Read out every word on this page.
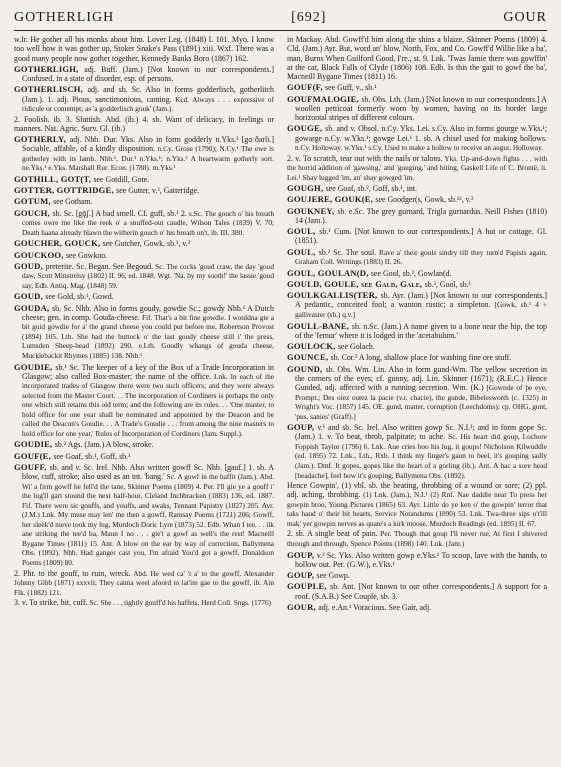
GOTHERLIGH	[692]	GOUR

w.Ir. He gother all his monks about him. Lover Leg. (1848) I. 101. Myo. I know too well how it was gother up, Stoker Snake's Pass (1891) xiii. Wxf. There was a good many people now gother together, Kennedy Banks Boro (1867) 162.

GOTHERLIGH, adj. Buff. (Jam.) [Not known to our correspondents.] Confused, in a state of disorder, esp. of persons.

GOTHERLISCH, adj. and sb. Sc. Also in forms godderlisch, gotherlitch (Jam.). 1. adj. Pious, sanctimonious, canting. Kcd. Always . . . expressive of ridicule or contempt; as 'a godderlisch gouk' (Jam.).

2. Foolish. ib. 3. Sluttish. Abd. (ib.) 4. sb. Want of delicacy, in feelings or manners. Nai. Agric. Surv. Gl. (ib.)

GOTHERLY, adj. Nhb. Dur. Yks. Also in form godderly n.Yks.² [go·ðarli.] Sociable, affable, of a kindly disposition. n.Cy. Grose (1790); N.Cy.¹ The ewe is gotherley with its lamb. Nhb.¹, Dur.¹ n.Yks.¹; n.Yks.² A heartwarm gotherly sort. ne.Yks.¹ e.Yks. Marshall Rur. Econ. (1788). m.Yks.¹

GOTHILL, GOT(T, see Gotdill, Gote.

GOTTER, GOTTRIDGE, see Gutter, v.², Gatteridge.

GOTUM, see Gotham.

GOUCH, sb. Sc. [gǭʃ.] A bad smell. Cf. guff, sb.¹ 2. s.Sc. The gouch o' his breath comes owre me like the reek o' a snuffed-out caudle, Wilson Tales (1839) V. 70; Death haana already blawn the witherin gouch o' his breath on't, ib. III. 380.

GOUCHER, GOUCK, see Gutcher, Gowk, sb.¹, v.²

GOUCKOO, see Gowkoo.

GOUD, preterite. Sc. Began. See Begoud. Sc. The cocks 'goud craw, the day 'goud daw, Scott Minstrelsy (1802) II. 96, ed. 1848. Wgt. 'Na, by my sooth!' the lassie 'goud say, Edb. Antiq. Mag. (1848) 59.

GOUD, see Gold, sb.¹, Gowd.

GOUDA, sb. Sc. Nhb. Also in forms goudy, gowdie Sc.; gowdy Nhb.¹ A Dutch cheese; gen. in comp. Gouda-cheese. Fif. That's a bit fine gowdie. I wouldna gie a bit guid gowdie for a' the grand cheese you could put before me, Robertson Provost (1894) 105. Lth. She had the buttock o' the last goudy cheese still i' the press, Lumsden Sheep-head (1892) 290. e.Lth. Goodly whangs of gouda cheese, Mucklebackit Rhymes (1885) 138. Nhb.¹

GOUDIE, sb.¹ Sc. The keeper of a key of the Box of a Trade Incorporation in Glasgow; also called Box-master; the name of the office. Lnk. In each of the incorporated trades of Glasgow there were two such officers; and they were always selected from the Master Court. . . The incorporation of Cordiners is perhaps the only one which still retains this old term; and the following are its rules. . . 'One master, to hold office for one year shall be nominated and appointed by the Deacon and be called the Deacon's Goudie. . . A Trade's Goudie . . . from among the nine masters to hold office for one year,' Rules of Incorporation of Cordiners (Jam. Suppl.).

GOUDIE, sb.² Ags. (Jam.) A blow, stroke.

GOUF(E, see Goaf, sb.¹, Goff, sb.¹

GOUFF, sb. and v. Sc. Irel. Nhb. Also written gowff Sc. Nhb. [gauf.] 1. sb. A blow, cuff, stroke; also used as an int. 'bang.' Sc. A gowf in the haffit (Jam.). Abd. Wi' a firm gowff he fell'd the tane, Skinner Poems (1809) 4. Per. I'll gie ye a gouff i' the lug'll gart stound the next half-hour, Cleland Inchbracken (1883) 136, ed. 1887. Fif. There were sic gouffs, and youffs, and swaks, Tennant Papistry (1827) 205. Ayr. (J.M.) Lnk. My muse may len' me then a gowff, Ramsay Poems (1721) 206; Gowff, her sleek'd nieve took my lug, Murdoch Doric Lyre (1873) 52. Edb. Whan I tee. . . ilk ane striking the tee'd ba, Maun I no . . . gie't a gowf as well's the rest! Macneill Bygane Times (1811) 15. Ant. A blow on the ear by way of correction, Ballymena Obs. (1892). Nhb. Had ganger cast you, I'm afraid You'd got a gowff, Donaldson Poems (1809) 80.

2. Phr. to the gouff, to ruin, wreck. Abd. He wed ca' 't a' to the gowff, Alexander Johnny Gibb (1871) xxxvii; They canna weel afoord to lat'im gae to the gowff, ib. Ain Flk. (1882) 121.

3. v. To strike, hit, cuff. Sc. She . . . tightly gouff'd his haffets, Herd Coll. Sngs. (1776)

in Mackay. Abd. Gowff'd him along the shins a blaize, Skinner Poems (1809) 4. Cld. (Jam.) Ayr. But, word an' blow, North, Fox, and Co. Gowff'd Willie like a ba', man, Burns When Guilford Good, I're., st. 9. Lnk. 'Twas Jamie there was gowffin' at the cat, Black Falls of Clyde (1806) 108. Edb. Is this the gait to gowf the ba', Macneill Bygane Times (1811) 16.

GOUF(F, see Guff, v., sb.¹

GOUFMALOGIE, sb. Obs. Lth. (Jam.) [Not known to our correspondents.] A woollen petticoat formerly worn by women, having on its border large horizontal stripes of different colours.

GOUGE, sb. and v. Obsol. n.Cy. Yks. Lei. s.Cy. Also in forms gourge w.Yks.¹; gowarge n.Cy. w.Yks.¹; gowge Lei.¹ 1. sb. A chisel used for making hollows. n.Cy. Holloway. w.Yks.¹ s.Cy. Used to make a hollow to receive an augur, Holloway.

2. v. To scratch, tear out with the nails or talons. Yks. Up-and-down fights . . . with the horrid addition of 'gawsing,' and 'gouging,' and biting, Gaskell Life of C. Brontë, ii. Lei.¹ Shay lugged 'im, an' shay gowged 'im.

GOUGH, see Goaf, sb.², Goff, sb.¹, int.

GOUJERE, GOUK(E, see Goodger(s, Gowk, sb.¹³, v.²

GOUKNEY, sb. e.Sc. The grey gurnard, Trigla gurnardus. Neill Fishes (1810) 14 (Jam.).

GOUL, sb.¹ Cum. [Not known to our correspondents.] A hut or cottage. Gl. (1851).

GOUL, sb.² Sc. The soul. Rave a' their gouls sindry till they turn'd Papists again, Graham Coll. Writings (1883) II. 26.

GOUL, GOULAN(D, see Gool, sb.², Gowlan(d.

GOULD, GOULE, see Gald, Gale, sb.³, Gool, sb.¹

GOULKGALLIS(TER, sb. Ayr. (Jam.) [Not known to our correspondents.] A pedantic, conceited fool; a wanton rustic; a simpleton. [Gowk, sb.¹ 4 + gallivaster (sb.) q.v.]

GOULL-BANE, sb. n.Sc. (Jam.) A name given to a bone near the hip, the top of the 'femur' where it is lodged in the 'acetabulum.'

GOULOCK, see Golach.

GOUNCE, sb. Cor.² A long, shallow place for washing fine ore stuff.

GOUND, sb. Obs. Wm. Lin. Also in form gund-Wm. The yellow secretion in the corners of the eyes; cf. gunny, adj. Lin. Skinner (1671); (R.E.C.) Hence Gunded, adj. affected with a running secretion. Wm. (K.) [Gownde of þe eye, Prompt.; Des oiez outez la pacie (v.r. chacie), the gunde, Bibelesworth (c. 1325) in Wright's Voc. (1857) 145. OE. gund, matter, corruption (Leechdoms); cp. OHG. gunt, 'pus, sanies' (Graff).]

GOUP, v.¹ and sb. Sc. Irel. Also written gowp Sc. N.I.¹; and in form gope Sc. (Jam.) 1. v. To beat, throb, palpitate; to ache. Sc. His heart did goup, Lochore Foppish Taylor (1796) 6. Lnk. Aue cries boo his lug, it goups! Nicholson Kilwuddie (ed. 1895) 72. Lnk., Lth., Rxb. I think my finger's gaun to beel, it's gouping sadly (Jam.). Dmf. It gopes, gopes like the heart of a gorling (ib.). Ant. A hac a sore head [headache], feel how it's gouping, Ballymena Obs. (1892).

Hence Gowpin', (1) vbl. sb. the beating, throbbing of a wound or sore; (2) ppl. adj. aching, throbbing. (1) Lnk. (Jam.), N.I.¹ (2) Rnf. Nae daddie near To press her gowpin broo, Young Pictures (1865) 63. Ayr. Little do ye ken o' the gowpin' terror that taks haud o' their bit hearts, Service Notandums (1890) 53. Lnk. Twa-three sips o't'ill mak' yer gowpin nerves as quate's a kirk moose, Murdoch Readings (ed. 1895) II. 67.

2. sb. A single beat of pain. Per. Though that goup I'll never rue, At first I shivered through and through, Spence Poems (1898) 140. Lnk. (Jam.)

GOUP, v.² Sc. Yks. Also written gowp e.Yks.¹ To scoop, lave with the hands, to hollow out. Per. (G.W.), e.Yks.¹

GOUP, see Gowp.

GOUPLE, sb. Ant. [Not known to our other correspondents.] A support for a roof. (S.A.B.) See Couple, sb. 3.

GOUR, adj. e.An.¹ Voracious. See Gair, adj.
